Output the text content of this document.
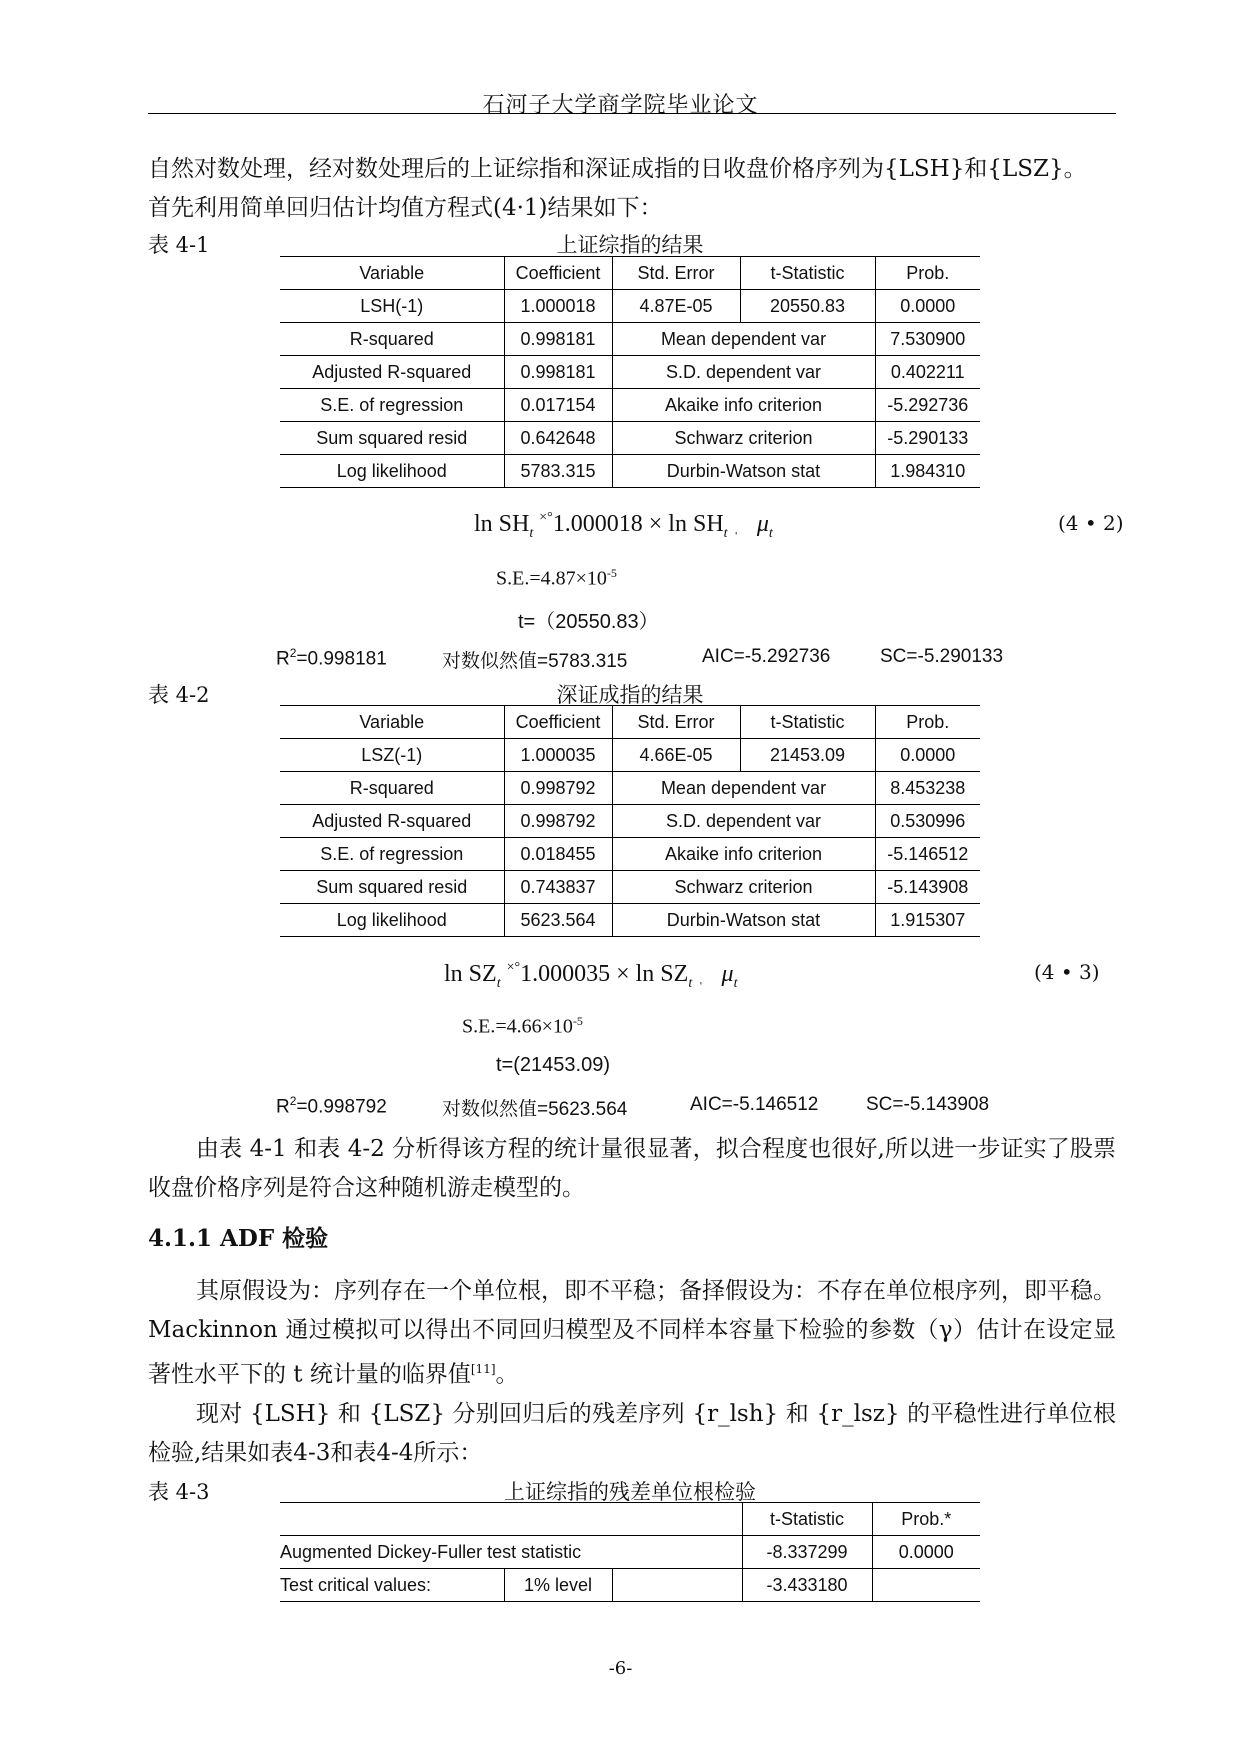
石河子大学商学院毕业论文

自然对数处理，经对数处理后的上证综指和深证成指的日收盘价格序列为{LSH}和{LSZ}。

首先利用简单回归估计均值方程式(4·1)结果如下：

表 4-1	上证综指的结果
Variable	Coefficient	Std. Error	t-Statistic	Prob.
LSH(-1)	1.000018	4.87E-05	20550.83	0.0000
R-squared	0.998181	Mean dependent var		7.530900
Adjusted R-squared	0.998181	S.D. dependent var		0.402211
S.E. of regression	0.017154	Akaike info criterion		-5.292736
Sum squared resid	0.642648	Schwarz criterion		-5.290133
Log likelihood	5783.315	Durbin-Watson stat		1.984310
$\ln SH_t$ $^{\times^\circ}1.000018 \times \ln SH_t$ ˌ $\mu_t$	(4 • 2)
$S.E.=4.87\times 10^{-5}$
t=（20550.83）
$R^2=0.998181$	对数似然值=5783.315	AIC=-5.292736	SC=-5.290133
表 4-2	深证成指的结果
Variable	Coefficient	Std. Error	t-Statistic	Prob.
LSZ(-1)	1.000035	4.66E-05	21453.09	0.0000
R-squared	0.998792	Mean dependent var		8.453238
Adjusted R-squared	0.998792	S.D. dependent var		0.530996
S.E. of regression	0.018455	Akaike info criterion		-5.146512
Sum squared resid	0.743837	Schwarz criterion		-5.143908
Log likelihood	5623.564	Durbin-Watson stat		1.915307
$\ln SZ_t$ $^{\times^\circ}1.000035 \times \ln SZ_t$ ˌ $\mu_t$	(4 • 3)
$S.E.=4.66\times 10^{-5}$
t=(21453.09)
$R^2=0.998792$	对数似然值=5623.564	AIC=-5.146512	SC=-5.143908

由表 4-1 和表 4-2 分析得该方程的统计量很显著，拟合程度也很好,所以进一步证实了股票收盘价格序列是符合这种随机游走模型的。

4.1.1 ADF 检验

其原假设为：序列存在一个单位根，即不平稳；备择假设为：不存在单位根序列，即平稳。Mackinnon 通过模拟可以得出不同回归模型及不同样本容量下检验的参数（γ）估计在设定显著性水平下的 t 统计量的临界值[11]。

现对 {LSH} 和 {LSZ} 分别回归后的残差序列 {r_lsh} 和 {r_lsz} 的平稳性进行单位根检验,结果如表4-3和表4-4所示：

表 4-3	上证综指的残差单位根检验
			t-Statistic	Prob.*
Augmented Dickey-Fuller test statistic			-8.337299	0.0000
Test critical values:	1% level		-3.433180	
-6-
